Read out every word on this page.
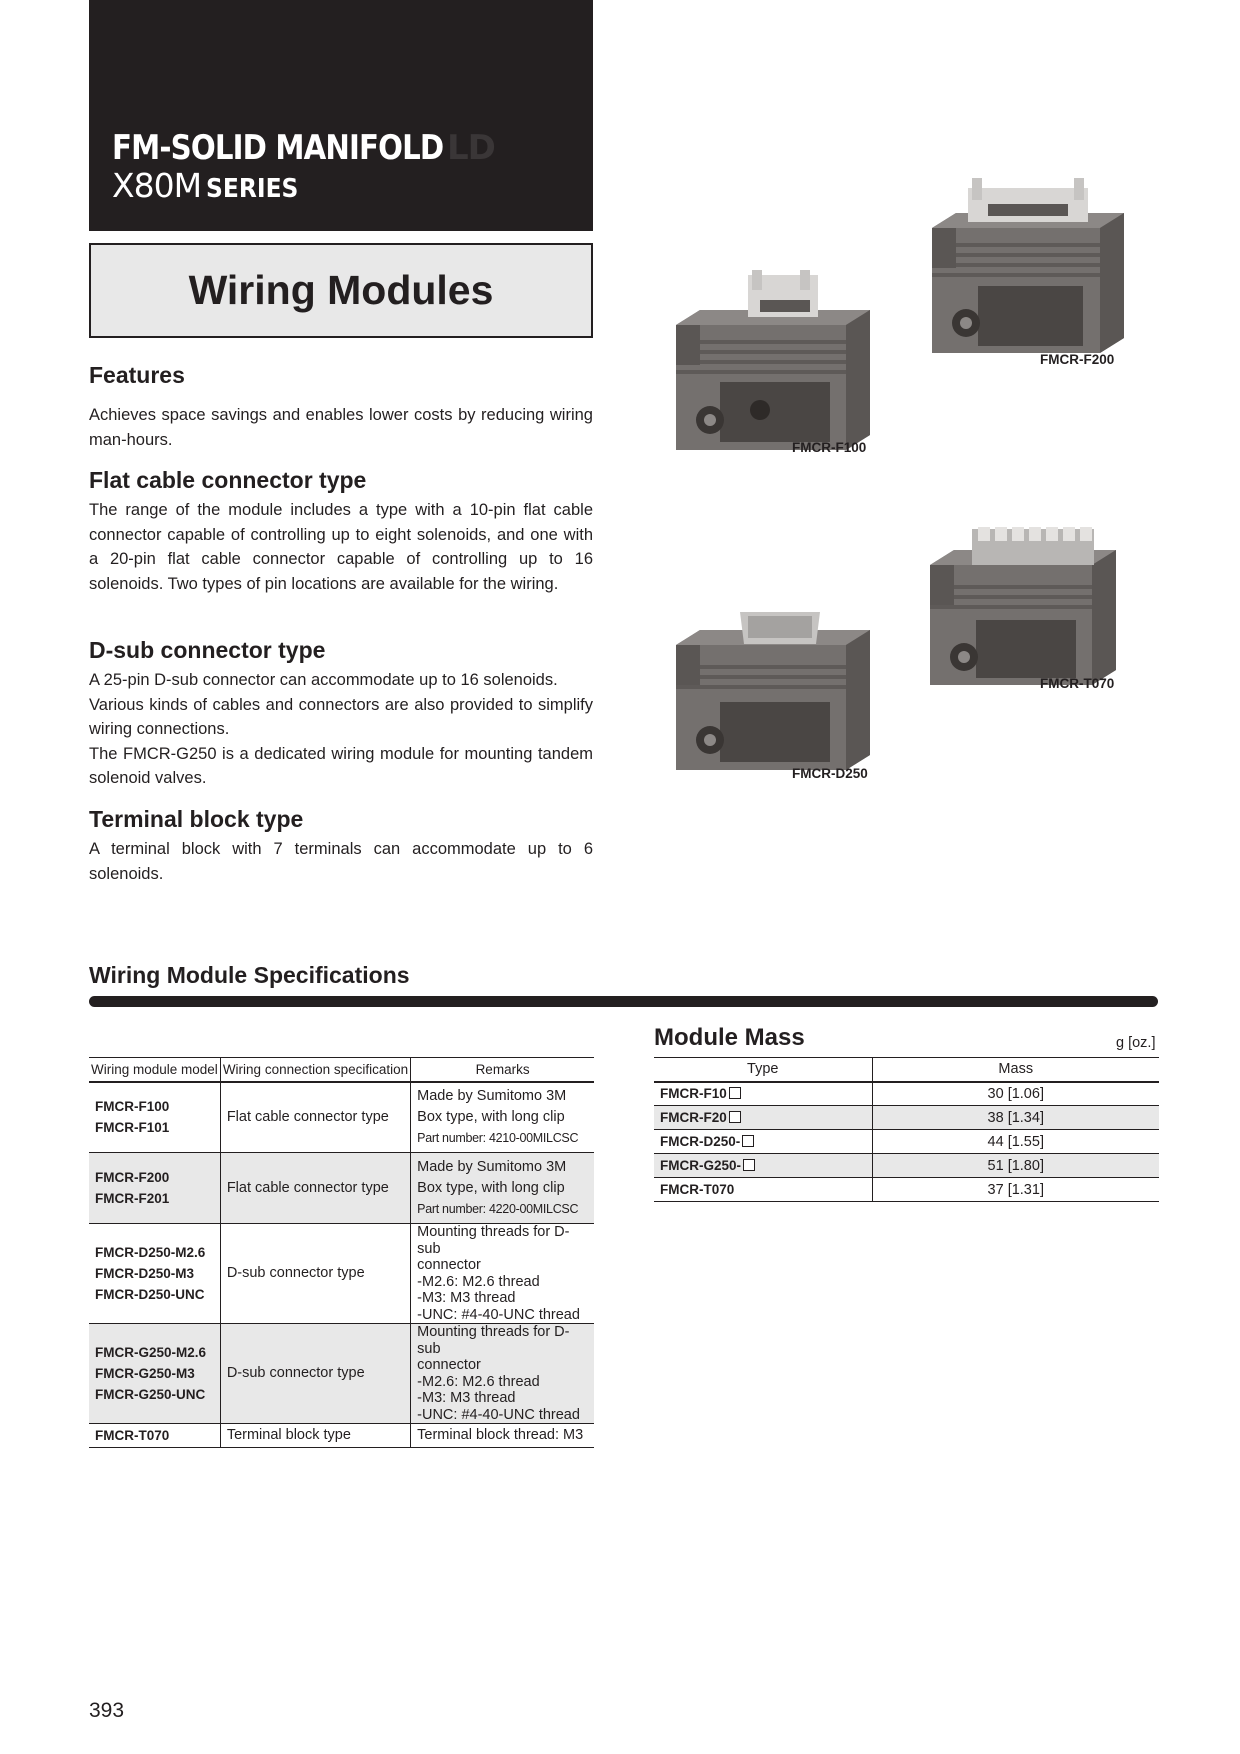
LD
FM-SOLID MANIFOLD
X80M SERIES
Wiring Modules
Features
Achieves space savings and enables lower costs by reducing wiring man-hours.
Flat cable connector type
The range of the module includes a type with a 10-pin flat cable connector capable of controlling up to eight solenoids, and one with a 20-pin flat cable connector capable of controlling up to 16 solenoids. Two types of pin locations are available for the wiring.
D-sub connector type

A 25-pin D-sub connector can accommodate up to 16 solenoids.

Various kinds of cables and connectors are also provided to simplify wiring connections.

The FMCR-G250 is a dedicated wiring module for mounting tandem solenoid valves.

Terminal block type
A terminal block with 7 terminals can accommodate up to 6 solenoids.
FMCR-F100
FMCR-F200
FMCR-D250
FMCR-T070
Wiring Module Specifications
Wiring module model	Wiring connection specification	Remarks

FMCR-F100
FMCR-F101	Flat cable connector type	Made by Sumitomo 3M
Box type, with long clip
Part number: 4210-00MILCSC

FMCR-F200
FMCR-F201	Flat cable connector type	Made by Sumitomo 3M
Box type, with long clip
Part number: 4220-00MILCSC

FMCR-D250-M2.6
FMCR-D250-M3
FMCR-D250-UNC	D-sub connector type	Mounting threads for D-sub
connector
-M2.6: M2.6 thread
-M3: M3 thread
-UNC: #4-40-UNC thread

FMCR-G250-M2.6
FMCR-G250-M3
FMCR-G250-UNC	D-sub connector type	Mounting threads for D-sub
connector
-M2.6: M2.6 thread
-M3: M3 thread
-UNC: #4-40-UNC thread

FMCR-T070	Terminal block type	Terminal block thread: M3
Module Mass	g [oz.]
Type	Mass
FMCR-F10	30 [1.06]
FMCR-F20	38 [1.34]
FMCR-D250-	44 [1.55]
FMCR-G250-	51 [1.80]
FMCR-T070	37 [1.31]
393
